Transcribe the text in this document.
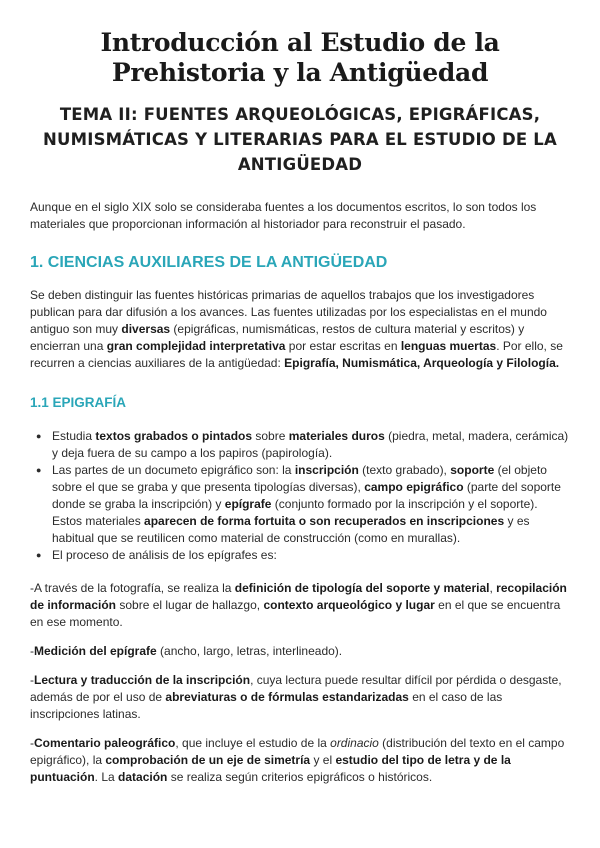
Introducción al Estudio de la Prehistoria y la Antigüedad
TEMA II: FUENTES ARQUEOLÓGICAS, EPIGRÁFICAS, NUMISMÁTICAS Y LITERARIAS PARA EL ESTUDIO DE LA ANTIGÜEDAD

Aunque en el siglo XIX solo se consideraba fuentes a los documentos escritos, lo son todos los materiales que proporcionan información al historiador para reconstruir el pasado.

1. CIENCIAS AUXILIARES DE LA ANTIGÜEDAD

Se deben distinguir las fuentes históricas primarias de aquellos trabajos que los investigadores publican para dar difusión a los avances. Las fuentes utilizadas por los especialistas en el mundo antiguo son muy diversas (epigráficas, numismáticas, restos de cultura material y escritos) y encierran una gran complejidad interpretativa por estar escritas en lenguas muertas. Por ello, se recurren a ciencias auxiliares de la antigüedad: Epigrafía, Numismática, Arqueología y Filología.

1.1 EPIGRAFÍA
● Estudia textos grabados o pintados sobre materiales duros (piedra, metal, madera, cerámica) y deja fuera de su campo a los papiros (papirología).
● Las partes de un documeto epigráfico son: la inscripción (texto grabado), soporte (el objeto sobre el que se graba y que presenta tipologías diversas), campo epigráfico (parte del soporte donde se graba la inscripción) y epígrafe (conjunto formado por la inscripción y el soporte). Estos materiales aparecen de forma fortuita o son recuperados en inscripciones y es habitual que se reutilicen como material de construcción (como en murallas).
● El proceso de análisis de los epígrafes es:

-A través de la fotografía, se realiza la definición de tipología del soporte y material, recopilación de información sobre el lugar de hallazgo, contexto arqueológico y lugar en el que se encuentra en ese momento.

-Medición del epígrafe (ancho, largo, letras, interlineado).

-Lectura y traducción de la inscripción, cuya lectura puede resultar difícil por pérdida o desgaste, además de por el uso de abreviaturas o de fórmulas estandarizadas en el caso de las inscripciones latinas.

-Comentario paleográfico, que incluye el estudio de la ordinacio (distribución del texto en el campo epigráfico), la comprobación de un eje de simetría y el estudio del tipo de letra y de la puntuación. La datación se realiza según criterios epigráficos o históricos.
